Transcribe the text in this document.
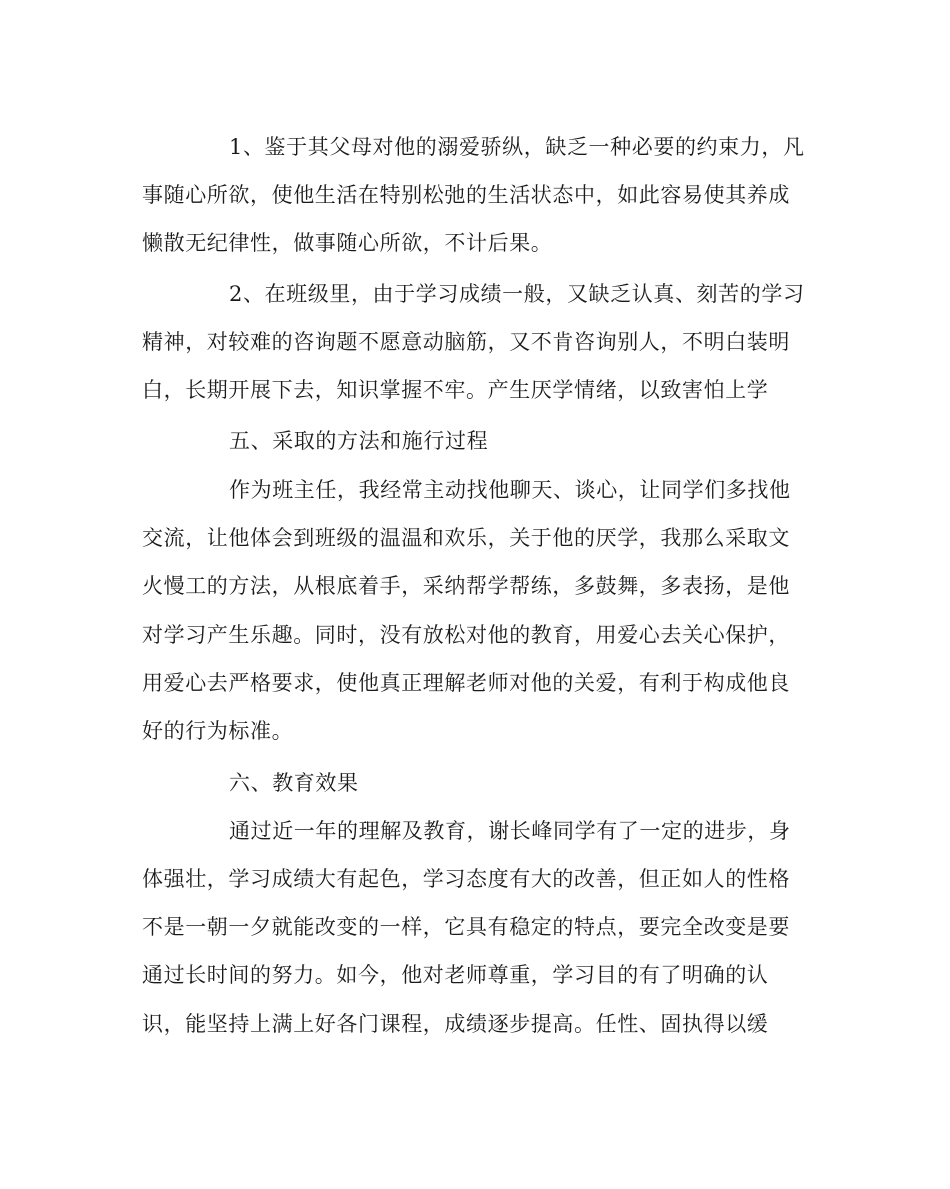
1、鉴于其父母对他的溺爱骄纵，缺乏一种必要的约束力，凡
事随心所欲，使他生活在特别松弛的生活状态中，如此容易使其养成
懒散无纪律性，做事随心所欲，不计后果。
2、在班级里，由于学习成绩一般，又缺乏认真、刻苦的学习
精神，对较难的咨询题不愿意动脑筋，又不肯咨询别人，不明白装明
白，长期开展下去，知识掌握不牢。产生厌学情绪，以致害怕上学
五、采取的方法和施行过程
作为班主任，我经常主动找他聊天、谈心，让同学们多找他
交流，让他体会到班级的温温和欢乐，关于他的厌学，我那么采取文
火慢工的方法，从根底着手，采纳帮学帮练，多鼓舞，多表扬，是他
对学习产生乐趣。同时，没有放松对他的教育，用爱心去关心保护，
用爱心去严格要求，使他真正理解老师对他的关爱，有利于构成他良
好的行为标准。
六、教育效果
通过近一年的理解及教育，谢长峰同学有了一定的进步，身
体强壮，学习成绩大有起色，学习态度有大的改善，但正如人的性格
不是一朝一夕就能改变的一样，它具有稳定的特点，要完全改变是要
通过长时间的努力。如今，他对老师尊重，学习目的有了明确的认
识，能坚持上满上好各门课程，成绩逐步提高。任性、固执得以缓
